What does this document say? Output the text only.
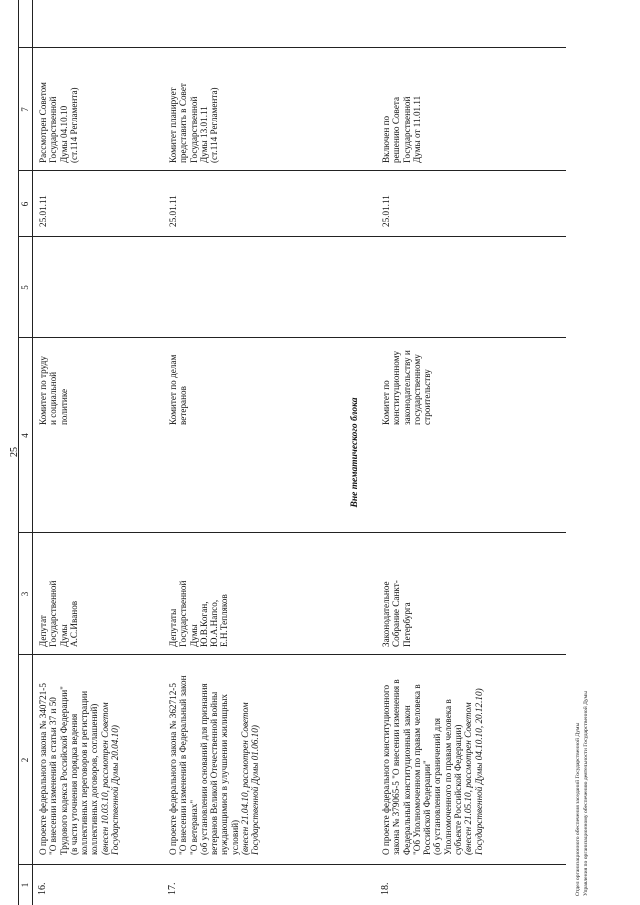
25
1
2
3
4
5
6
7
16.
О проекте федерального закона № 340721-5 "О внесении изменений в статьи 37 и 50 Трудового кодекса Российской Федерации" (в части уточнения порядка ведения коллективных переговоров и регистрации коллективных договоров, соглашений) (внесен 10.03.10, рассмотрен Советом Государственной Думы 20.04.10)
Депутат Государственной Думы А.С.Иванов
Комитет по труду и социальной политике
25.01.11
Рассмотрен Советом Государственной Думы 04.10.10 (ст.114 Регламента)
17.
О проекте федерального закона № 362712-5 "О внесении изменений в Федеральный закон "О ветеранах" (об установлении оснований для признания ветеранов Великой Отечественной войны нуждающимися в улучшении жилищных условий) (внесен 21.04.10, рассмотрен Советом Государственной Думы 01.06.10)
Депутаты Государственной Думы Ю.В.Коган, Ю.А.Напсо, Е.Н.Тепляков
Комитет по делам ветеранов
25.01.11
Комитет планирует представить в Совет Государственной Думы 13.01.11 (ст.114 Регламента)
Вне тематического блока
18.
О проекте федерального конституционного закона № 379065-5 "О внесении изменения в Федеральный конституционный закон "Об Уполномоченном по правам человека в Российской Федерации" (об установлении ограничений для Уполномоченного по правам человека в субъекте Российской Федерации) (внесен 21.05.10, рассмотрен Советом Государственной Думы 04.10.10, 20.12.10)
Законодательное Собрание Санкт- Петербурга
Комитет по конституционному законодательству и государственному строительству
25.01.11
Включен по решению Совета Государственной Думы от 11.01.11
Отдел организационного обеспечения заседаний Государственной Думы Управления по организационному обеспечению деятельности Государственной Думы
